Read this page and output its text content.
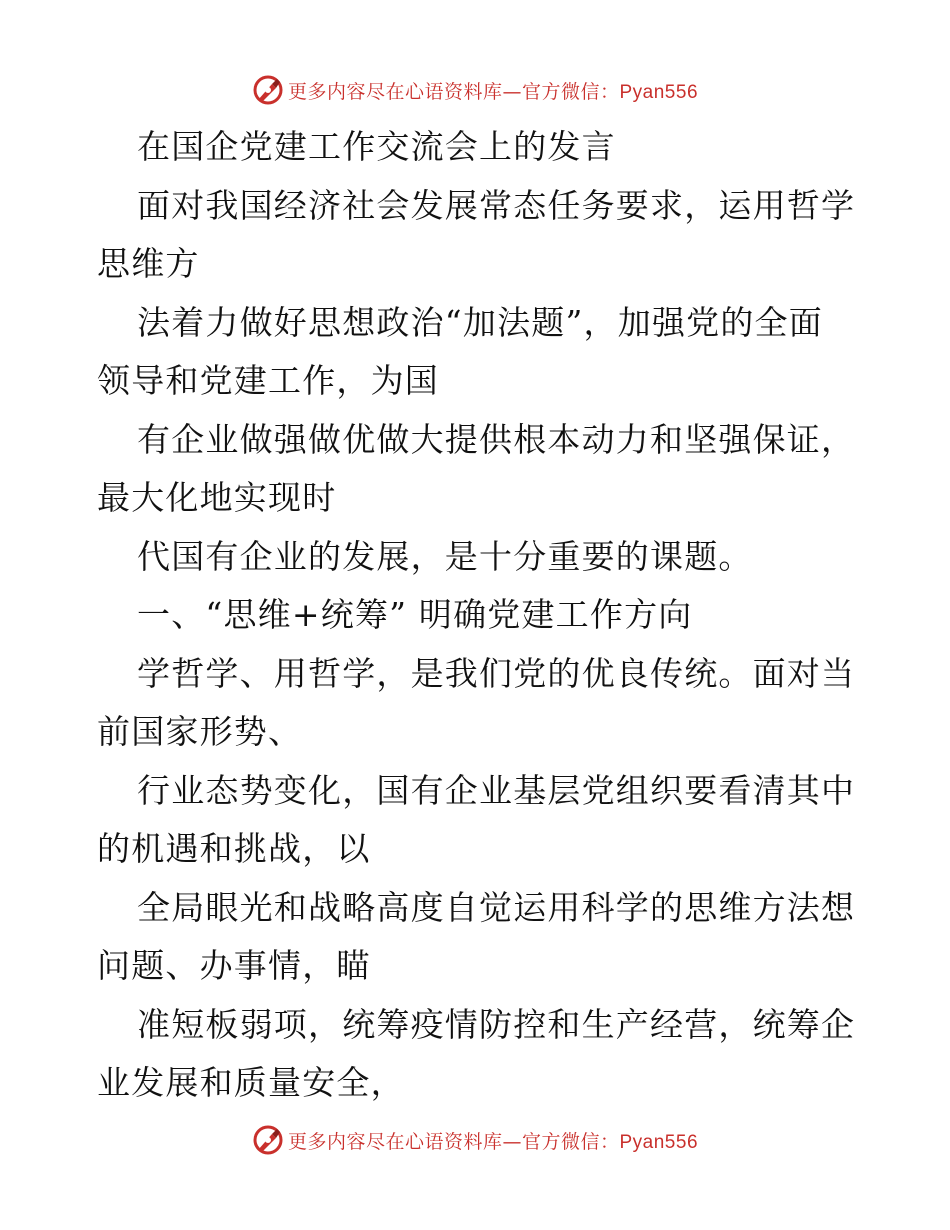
更多内容尽在心语资料库—官方微信：Pyan556
在国企党建工作交流会上的发言
面对我国经济社会发展常态任务要求，运用哲学
思维方
法着力做好思想政治“加法题”，加强党的全面
领导和党建工作，为国
有企业做强做优做大提供根本动力和坚强保证，
最大化地实现时
代国有企业的发展，是十分重要的课题。
一、“思维+统筹” 明确党建工作方向
学哲学、用哲学，是我们党的优良传统。面对当
前国家形势、
行业态势变化，国有企业基层党组织要看清其中
的机遇和挑战，以
全局眼光和战略高度自觉运用科学的思维方法想
问题、办事情，瞄
准短板弱项，统筹疫情防控和生产经营，统筹企
业发展和质量安全，
更多内容尽在心语资料库—官方微信：Pyan556
